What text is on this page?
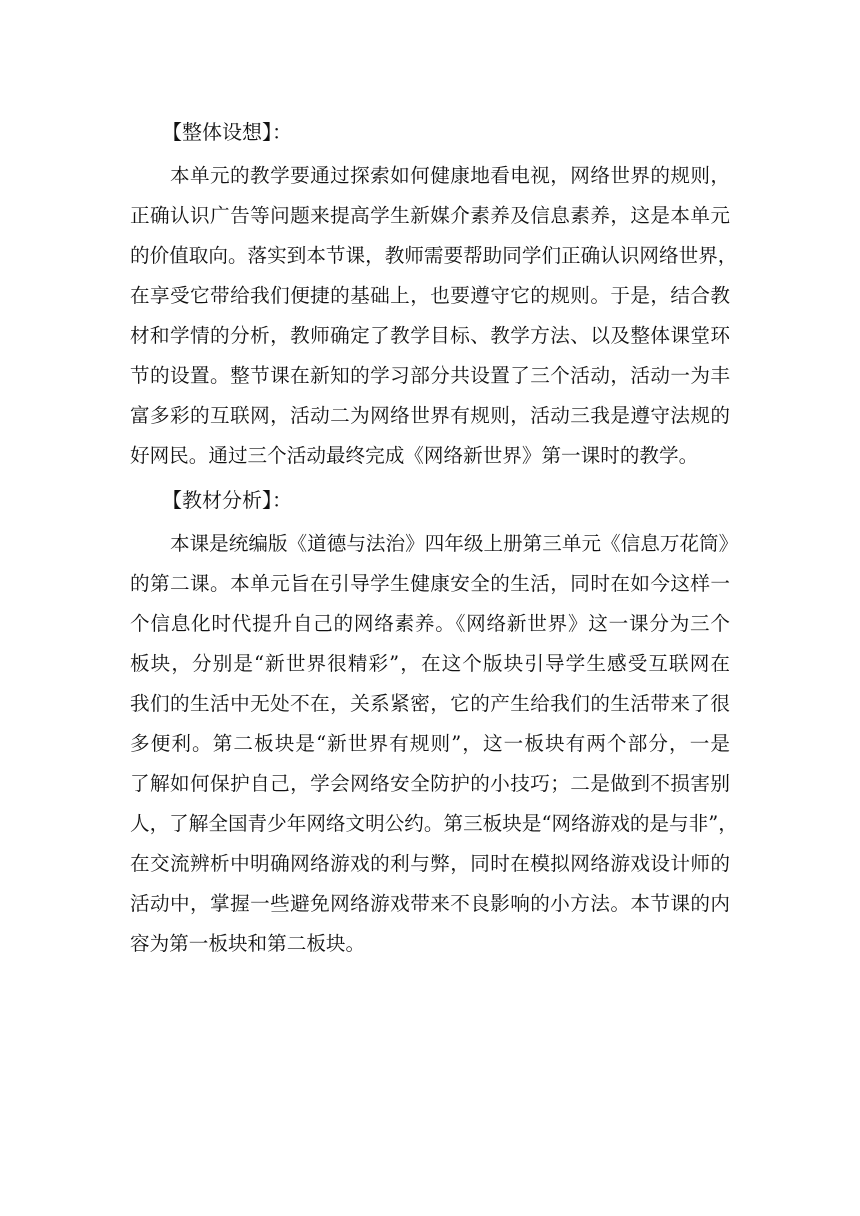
【整体设想】：

本单元的教学要通过探索如何健康地看电视，网络世界的规则，
正确认识广告等问题来提高学生新媒介素养及信息素养，这是本单元
的价值取向。落实到本节课，教师需要帮助同学们正确认识网络世界，
在享受它带给我们便捷的基础上，也要遵守它的规则。于是，结合教
材和学情的分析，教师确定了教学目标、教学方法、以及整体课堂环
节的设置。整节课在新知的学习部分共设置了三个活动，活动一为丰
富多彩的互联网，活动二为网络世界有规则，活动三我是遵守法规的
好网民。通过三个活动最终完成《网络新世界》第一课时的教学。

【教材分析】：

本课是统编版《道德与法治》四年级上册第三单元《信息万花筒》
的第二课。本单元旨在引导学生健康安全的生活，同时在如今这样一
个信息化时代提升自己的网络素养。《网络新世界》这一课分为三个
板块，分别是“新世界很精彩”，在这个版块引导学生感受互联网在
我们的生活中无处不在，关系紧密，它的产生给我们的生活带来了很
多便利。第二板块是“新世界有规则”，这一板块有两个部分，一是
了解如何保护自己，学会网络安全防护的小技巧；二是做到不损害别
人，了解全国青少年网络文明公约。第三板块是“网络游戏的是与非”，
在交流辨析中明确网络游戏的利与弊，同时在模拟网络游戏设计师的
活动中，掌握一些避免网络游戏带来不良影响的小方法。本节课的内
容为第一板块和第二板块。
